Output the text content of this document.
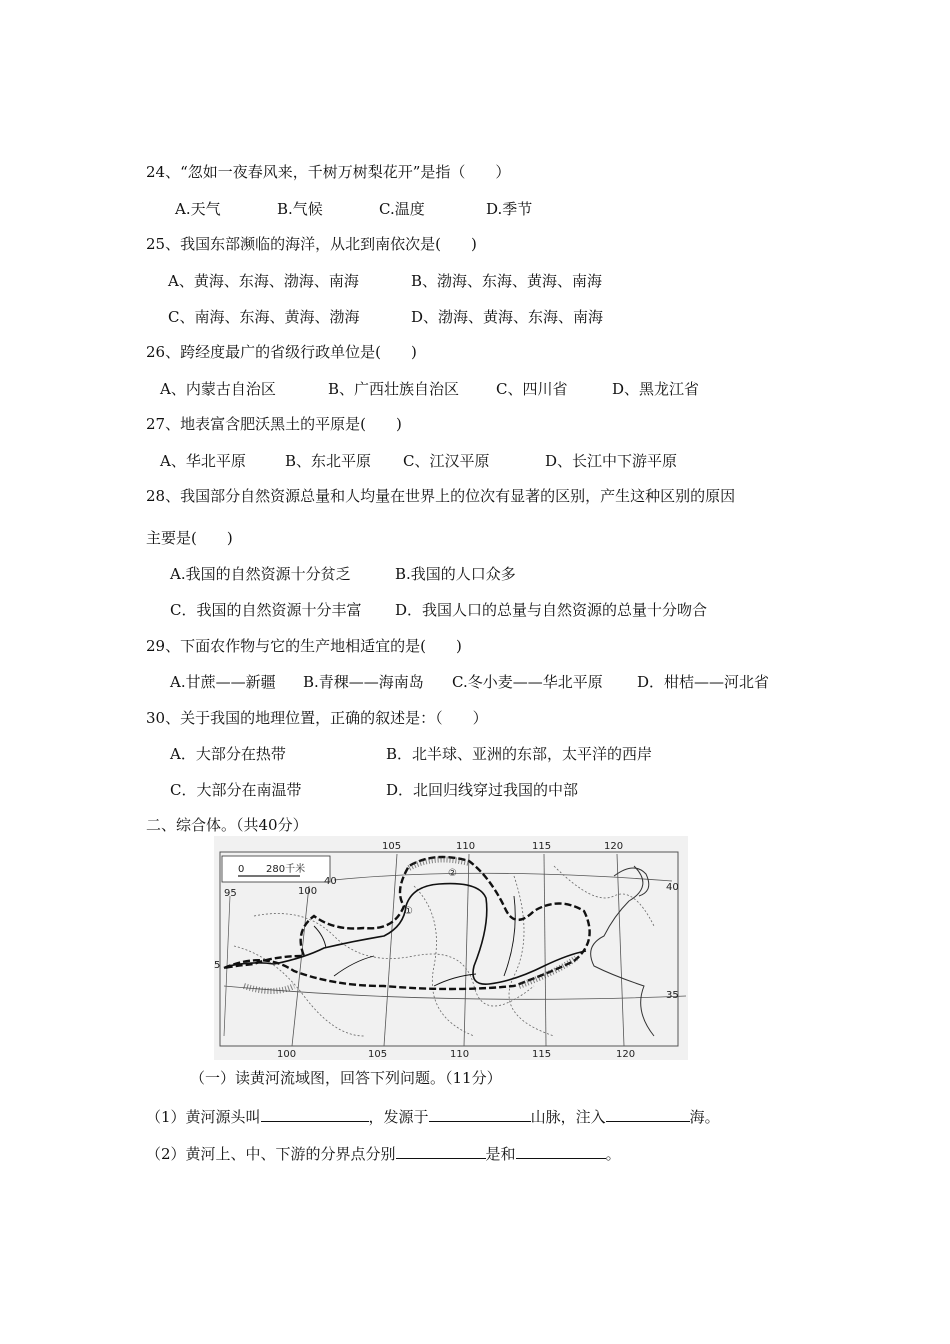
24、“忽如一夜春风来，千树万树梨花开”是指（　　）
A.天气	B.气候	C.温度	D.季节
25、我国东部濒临的海洋，从北到南依次是(　　)
A、黄海、东海、渤海、南海	B、渤海、东海、黄海、南海
C、南海、东海、黄海、渤海	D、渤海、黄海、东海、南海
26、跨经度最广的省级行政单位是(　　)
A、内蒙古自治区	B、广西壮族自治区 C、四川省	D、黑龙江省
27、地表富含肥沃黑土的平原是(　　)
A、华北平原	B、东北平原 C、江汉平原	D、长江中下游平原
28、我国部分自然资源总量和人均量在世界上的位次有显著的区别，产生这种区别的原因
主要是(　　)
A.我国的自然资源十分贫乏	B.我国的人口众多
C．我国的自然资源十分丰富 D．我国人口的总量与自然资源的总量十分吻合
29、下面农作物与它的生产地相适宜的是(　　)
A.甘蔗——新疆 B.青稞——海南岛 C.冬小麦——华北平原 D．柑桔——河北省
30、关于我国的地理位置，正确的叙述是：（　　）
A．大部分在热带	B．北半球、亚洲的东部，太平洋的西岸
C．大部分在南温带	D．北回归线穿过我国的中部
二、综合体。（共40分）
0 280千米
①
②
105	110	115	120
100	105	110	115	120
95	100
40
40
35
5
（一）读黄河流域图，回答下列问题。（11分）
（1）黄河源头叫	，发源于	山脉，注入	海。
（2）黄河上、中、下游的分界点分别	是和	。
